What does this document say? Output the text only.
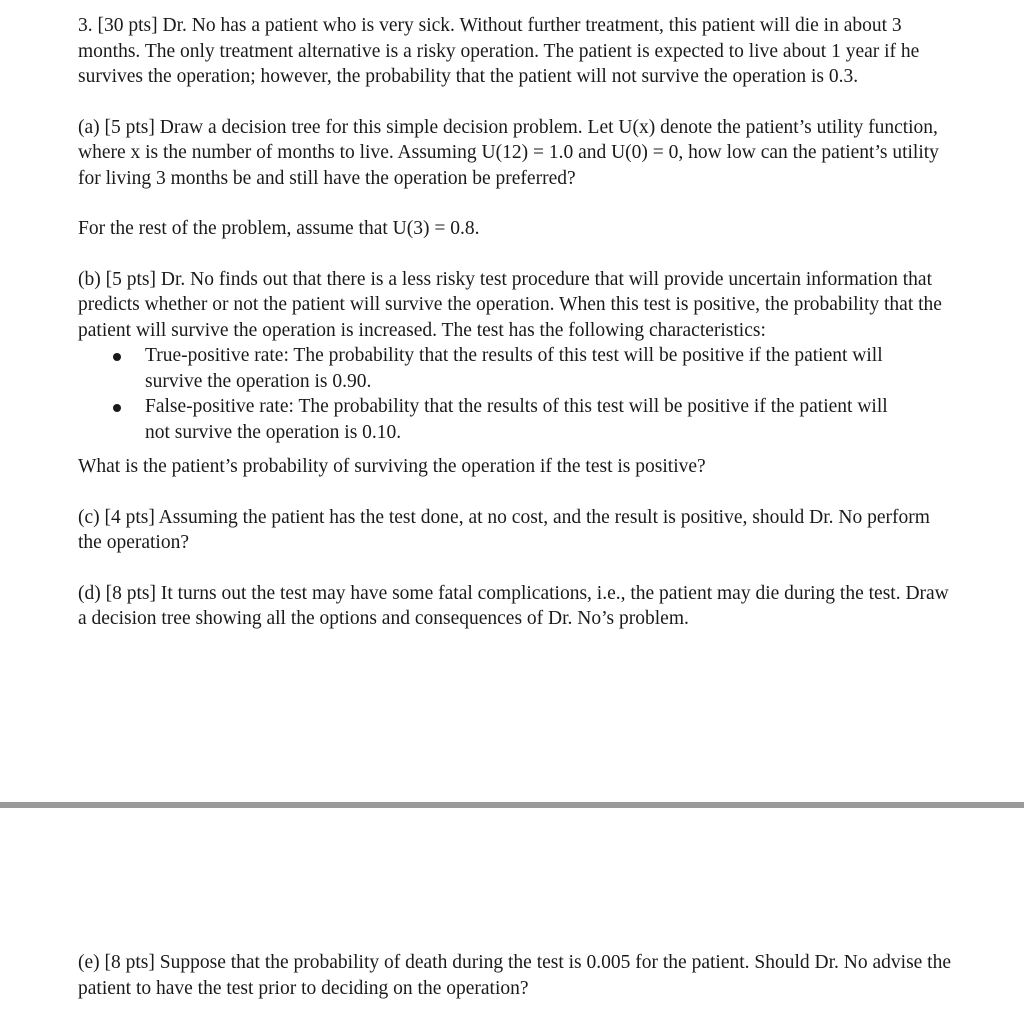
3. [30 pts] Dr. No has a patient who is very sick. Without further treatment, this patient will die in about 3 months. The only treatment alternative is a risky operation. The patient is expected to live about 1 year if he survives the operation; however, the probability that the patient will not survive the operation is 0.3.

(a) [5 pts] Draw a decision tree for this simple decision problem. Let U(x) denote the patient’s utility function, where x is the number of months to live. Assuming U(12) = 1.0 and U(0) = 0, how low can the patient’s utility for living 3 months be and still have the operation be preferred?

For the rest of the problem, assume that U(3) = 0.8.

(b) [5 pts] Dr. No finds out that there is a less risky test procedure that will provide uncertain information that predicts whether or not the patient will survive the operation. When this test is positive, the probability that the patient will survive the operation is increased. The test has the following characteristics:

True-positive rate: The probability that the results of this test will be positive if the patient will survive the operation is 0.90.
False-positive rate: The probability that the results of this test will be positive if the patient will not survive the operation is 0.10.

What is the patient’s probability of surviving the operation if the test is positive?

(c) [4 pts] Assuming the patient has the test done, at no cost, and the result is positive, should Dr. No perform the operation?

(d) [8 pts] It turns out the test may have some fatal complications, i.e., the patient may die during the test. Draw a decision tree showing all the options and consequences of Dr. No’s problem.

(e) [8 pts] Suppose that the probability of death during the test is 0.005 for the patient. Should Dr. No advise the patient to have the test prior to deciding on the operation?
